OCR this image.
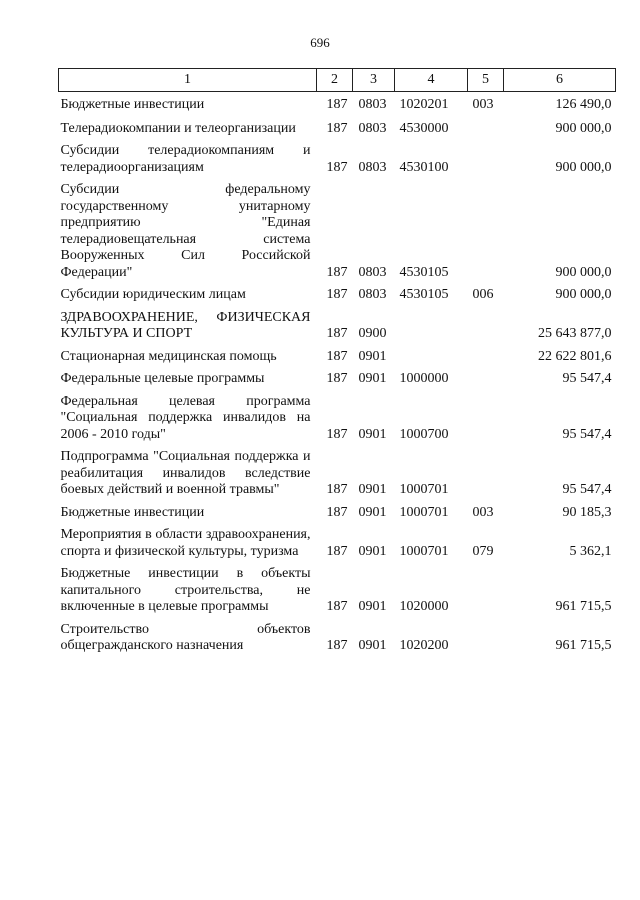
696
1	2	3	4	5	6
Бюджетные инвестиции	187	0803	1020201	003	126 490,0
Телерадиокомпании и телеорганизации	187	0803	4530000		900 000,0
Субсидии телерадиокомпаниям и телерадиоорганизациям	187	0803	4530100		900 000,0
Субсидии федеральному государственному унитарному предприятию "Единая телерадиовещательная система Вооруженных Сил Российской Федерации"	187	0803	4530105		900 000,0
Субсидии юридическим лицам	187	0803	4530105	006	900 000,0
ЗДРАВООХРАНЕНИЕ, ФИЗИЧЕСКАЯ КУЛЬТУРА И СПОРТ	187	0900			25 643 877,0
Стационарная медицинская помощь	187	0901			22 622 801,6
Федеральные целевые программы	187	0901	1000000		95 547,4
Федеральная целевая программа "Социальная поддержка инвалидов на 2006 - 2010 годы"	187	0901	1000700		95 547,4
Подпрограмма "Социальная поддержка и реабилитация инвалидов вследствие боевых действий и военной травмы"	187	0901	1000701		95 547,4
Бюджетные инвестиции	187	0901	1000701	003	90 185,3
Мероприятия в области здравоохранения, спорта и физической культуры, туризма	187	0901	1000701	079	5 362,1
Бюджетные инвестиции в объекты капитального строительства, не включенные в целевые программы	187	0901	1020000		961 715,5
Строительство объектов общегражданского назначения	187	0901	1020200		961 715,5
